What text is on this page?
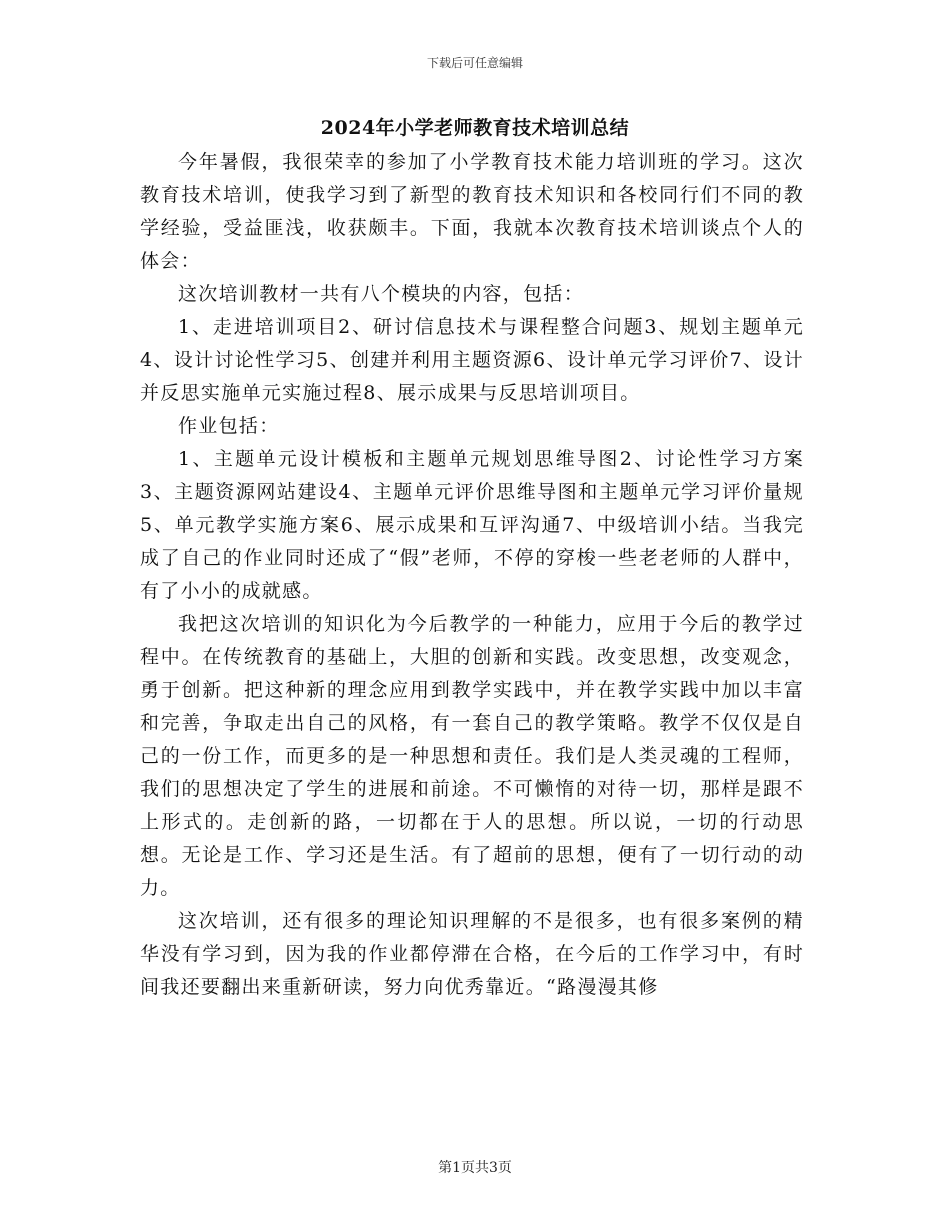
下载后可任意编辑
2024年小学老师教育技术培训总结

今年暑假，我很荣幸的参加了小学教育技术能力培训班的学习。这次教育技术培训，使我学习到了新型的教育技术知识和各校同行们不同的教学经验，受益匪浅，收获颇丰。下面，我就本次教育技术培训谈点个人的体会：

这次培训教材一共有八个模块的内容，包括：

1、走进培训项目2、研讨信息技术与课程整合问题3、规划主题单元4、设计讨论性学习5、创建并利用主题资源6、设计单元学习评价7、设计并反思实施单元实施过程8、展示成果与反思培训项目。

作业包括：

1、主题单元设计模板和主题单元规划思维导图2、讨论性学习方案3、主题资源网站建设4、主题单元评价思维导图和主题单元学习评价量规5、单元教学实施方案6、展示成果和互评沟通7、中级培训小结。当我完成了自己的作业同时还成了“假”老师，不停的穿梭一些老老师的人群中，有了小小的成就感。

我把这次培训的知识化为今后教学的一种能力，应用于今后的教学过程中。在传统教育的基础上，大胆的创新和实践。改变思想，改变观念，勇于创新。把这种新的理念应用到教学实践中，并在教学实践中加以丰富和完善，争取走出自己的风格，有一套自己的教学策略。教学不仅仅是自己的一份工作，而更多的是一种思想和责任。我们是人类灵魂的工程师，我们的思想决定了学生的进展和前途。不可懒惰的对待一切，那样是跟不上形式的。走创新的路，一切都在于人的思想。所以说，一切的行动思想。无论是工作、学习还是生活。有了超前的思想，便有了一切行动的动力。

这次培训，还有很多的理论知识理解的不是很多，也有很多案例的精华没有学习到，因为我的作业都停滞在合格，在今后的工作学习中，有时间我还要翻出来重新研读，努力向优秀靠近。“路漫漫其修

第1页共3页
